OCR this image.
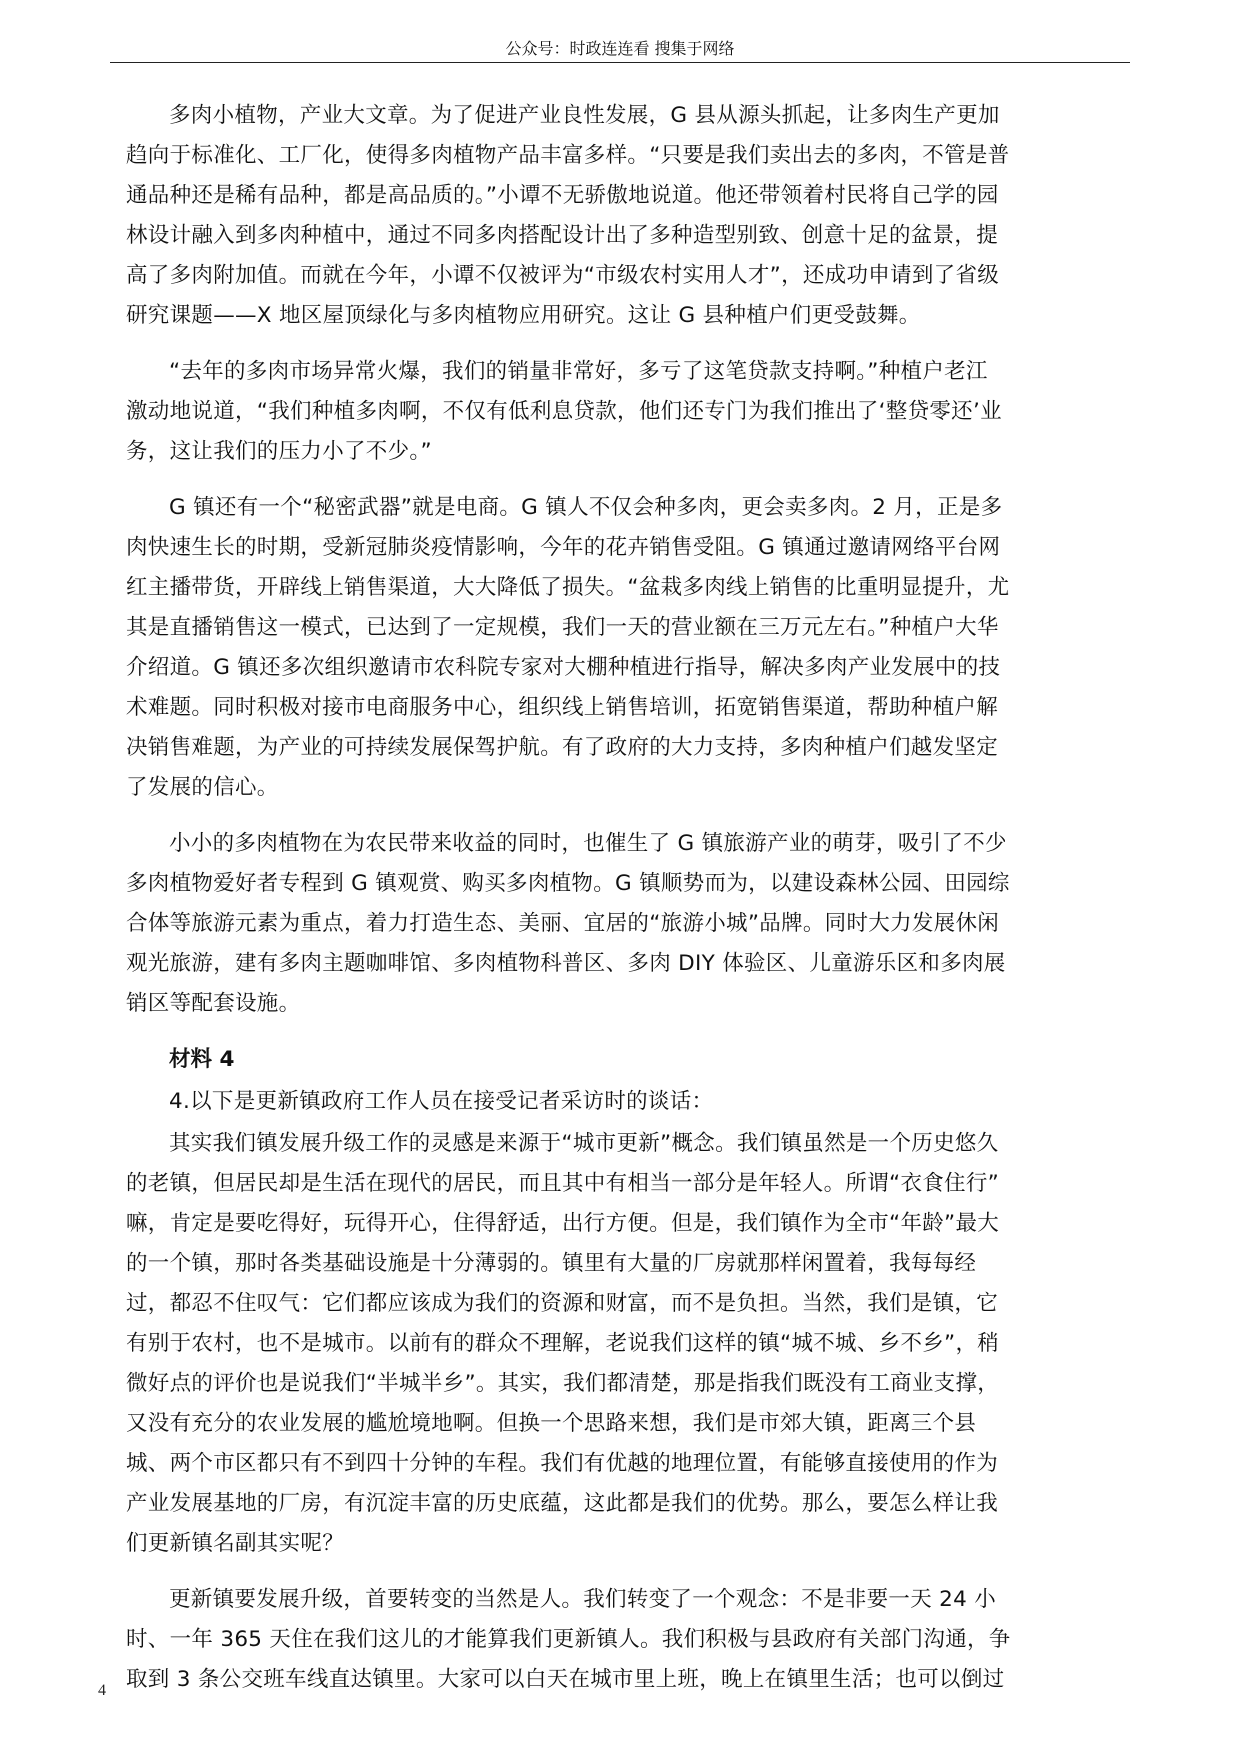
公众号：时政连连看 搜集于网络

多肉小植物，产业大文章。为了促进产业良性发展，G 县从源头抓起，让多肉生产更加
趋向于标准化、工厂化，使得多肉植物产品丰富多样。“只要是我们卖出去的多肉，不管是普
通品种还是稀有品种，都是高品质的。”小谭不无骄傲地说道。他还带领着村民将自己学的园
林设计融入到多肉种植中，通过不同多肉搭配设计出了多种造型别致、创意十足的盆景，提
高了多肉附加值。而就在今年，小谭不仅被评为“市级农村实用人才”，还成功申请到了省级
研究课题——X 地区屋顶绿化与多肉植物应用研究。这让 G 县种植户们更受鼓舞。

“去年的多肉市场异常火爆，我们的销量非常好，多亏了这笔贷款支持啊。”种植户老江
激动地说道，“我们种植多肉啊，不仅有低利息贷款，他们还专门为我们推出了‘整贷零还’业
务，这让我们的压力小了不少。”

G 镇还有一个“秘密武器”就是电商。G 镇人不仅会种多肉，更会卖多肉。2 月，正是多
肉快速生长的时期，受新冠肺炎疫情影响，今年的花卉销售受阻。G 镇通过邀请网络平台网
红主播带货，开辟线上销售渠道，大大降低了损失。“盆栽多肉线上销售的比重明显提升，尤
其是直播销售这一模式，已达到了一定规模，我们一天的营业额在三万元左右。”种植户大华
介绍道。G 镇还多次组织邀请市农科院专家对大棚种植进行指导，解决多肉产业发展中的技
术难题。同时积极对接市电商服务中心，组织线上销售培训，拓宽销售渠道，帮助种植户解
决销售难题，为产业的可持续发展保驾护航。有了政府的大力支持，多肉种植户们越发坚定
了发展的信心。

小小的多肉植物在为农民带来收益的同时，也催生了 G 镇旅游产业的萌芽，吸引了不少
多肉植物爱好者专程到 G 镇观赏、购买多肉植物。G 镇顺势而为，以建设森林公园、田园综
合体等旅游元素为重点，着力打造生态、美丽、宜居的“旅游小城”品牌。同时大力发展休闲
观光旅游，建有多肉主题咖啡馆、多肉植物科普区、多肉 DIY 体验区、儿童游乐区和多肉展
销区等配套设施。

材料 4

4.以下是更新镇政府工作人员在接受记者采访时的谈话：

其实我们镇发展升级工作的灵感是来源于“城市更新”概念。我们镇虽然是一个历史悠久
的老镇，但居民却是生活在现代的居民，而且其中有相当一部分是年轻人。所谓“衣食住行”
嘛，肯定是要吃得好，玩得开心，住得舒适，出行方便。但是，我们镇作为全市“年龄”最大
的一个镇，那时各类基础设施是十分薄弱的。镇里有大量的厂房就那样闲置着，我每每经
过，都忍不住叹气：它们都应该成为我们的资源和财富，而不是负担。当然，我们是镇，它
有别于农村，也不是城市。以前有的群众不理解，老说我们这样的镇“城不城、乡不乡”，稍
微好点的评价也是说我们“半城半乡”。其实，我们都清楚，那是指我们既没有工商业支撑，
又没有充分的农业发展的尴尬境地啊。但换一个思路来想，我们是市郊大镇，距离三个县
城、两个市区都只有不到四十分钟的车程。我们有优越的地理位置，有能够直接使用的作为
产业发展基地的厂房，有沉淀丰富的历史底蕴，这此都是我们的优势。那么，要怎么样让我
们更新镇名副其实呢？

更新镇要发展升级，首要转变的当然是人。我们转变了一个观念：不是非要一天 24 小
时、一年 365 天住在我们这儿的才能算我们更新镇人。我们积极与县政府有关部门沟通，争
取到 3 条公交班车线直达镇里。大家可以白天在城市里上班，晚上在镇里生活；也可以倒过

4
